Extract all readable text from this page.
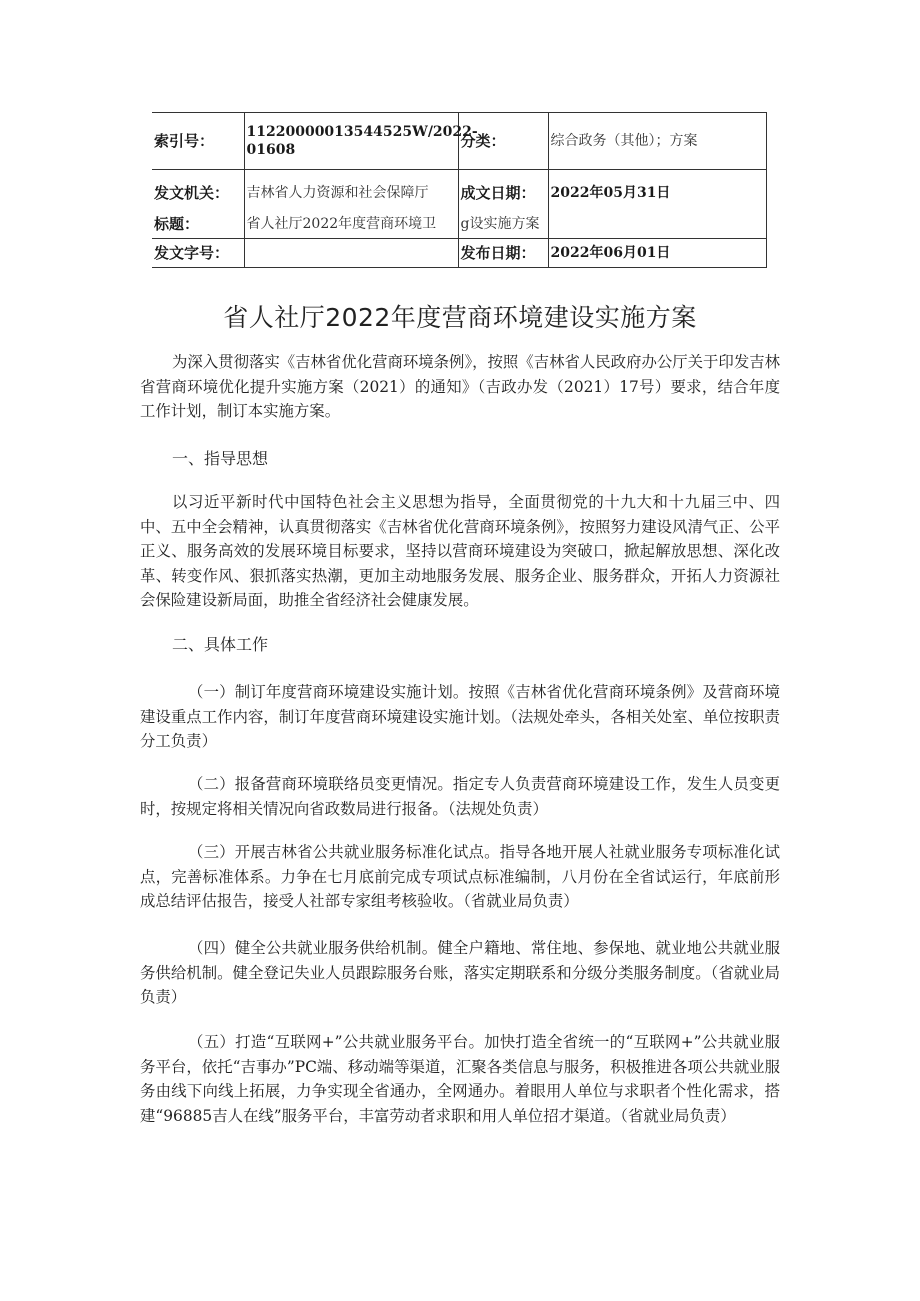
索引号：	11220000013544525W/2022-01608	分类：	综合政务（其他）；方案
发文机关：	吉林省人力资源和社会保障厅	成文日期：	2022年05月31日
标题：	省人社厅2022年度营商环境卫	g设实施方案	
发文字号：		发布日期：	2022年06月01日
省人社厅2022年度营商环境建设实施方案

为深入贯彻落实《吉林省优化营商环境条例》，按照《吉林省人民政府办公厅关于印发吉林省营商环境优化提升实施方案（2021）的通知》（吉政办发（2021）17号）要求，结合年度工作计划，制订本实施方案。

一、指导思想

以习近平新时代中国特色社会主义思想为指导，全面贯彻党的十九大和十九届三中、四中、五中全会精神，认真贯彻落实《吉林省优化营商环境条例》，按照努力建设风清气正、公平正义、服务高效的发展环境目标要求，坚持以营商环境建设为突破口，掀起解放思想、深化改革、转变作风、狠抓落实热潮，更加主动地服务发展、服务企业、服务群众，开拓人力资源社会保险建设新局面，助推全省经济社会健康发展。

二、具体工作

（一）制订年度营商环境建设实施计划。按照《吉林省优化营商环境条例》及营商环境建设重点工作内容，制订年度营商环境建设实施计划。（法规处牵头，各相关处室、单位按职责分工负责）

（二）报备营商环境联络员变更情况。指定专人负责营商环境建设工作，发生人员变更时，按规定将相关情况向省政数局进行报备。（法规处负责）

（三）开展吉林省公共就业服务标准化试点。指导各地开展人社就业服务专项标准化试点，完善标准体系。力争在七月底前完成专项试点标准编制，八月份在全省试运行，年底前形成总结评估报告，接受人社部专家组考核验收。（省就业局负责）

（四）健全公共就业服务供给机制。健全户籍地、常住地、参保地、就业地公共就业服务供给机制。健全登记失业人员跟踪服务台账，落实定期联系和分级分类服务制度。（省就业局负责）

（五）打造“互联网+”公共就业服务平台。加快打造全省统一的“互联网+”公共就业服务平台，依托“吉事办”PC端、移动端等渠道，汇聚各类信息与服务，积极推进各项公共就业服务由线下向线上拓展，力争实现全省通办，全网通办。着眼用人单位与求职者个性化需求，搭建“96885吉人在线”服务平台，丰富劳动者求职和用人单位招才渠道。（省就业局负责）
